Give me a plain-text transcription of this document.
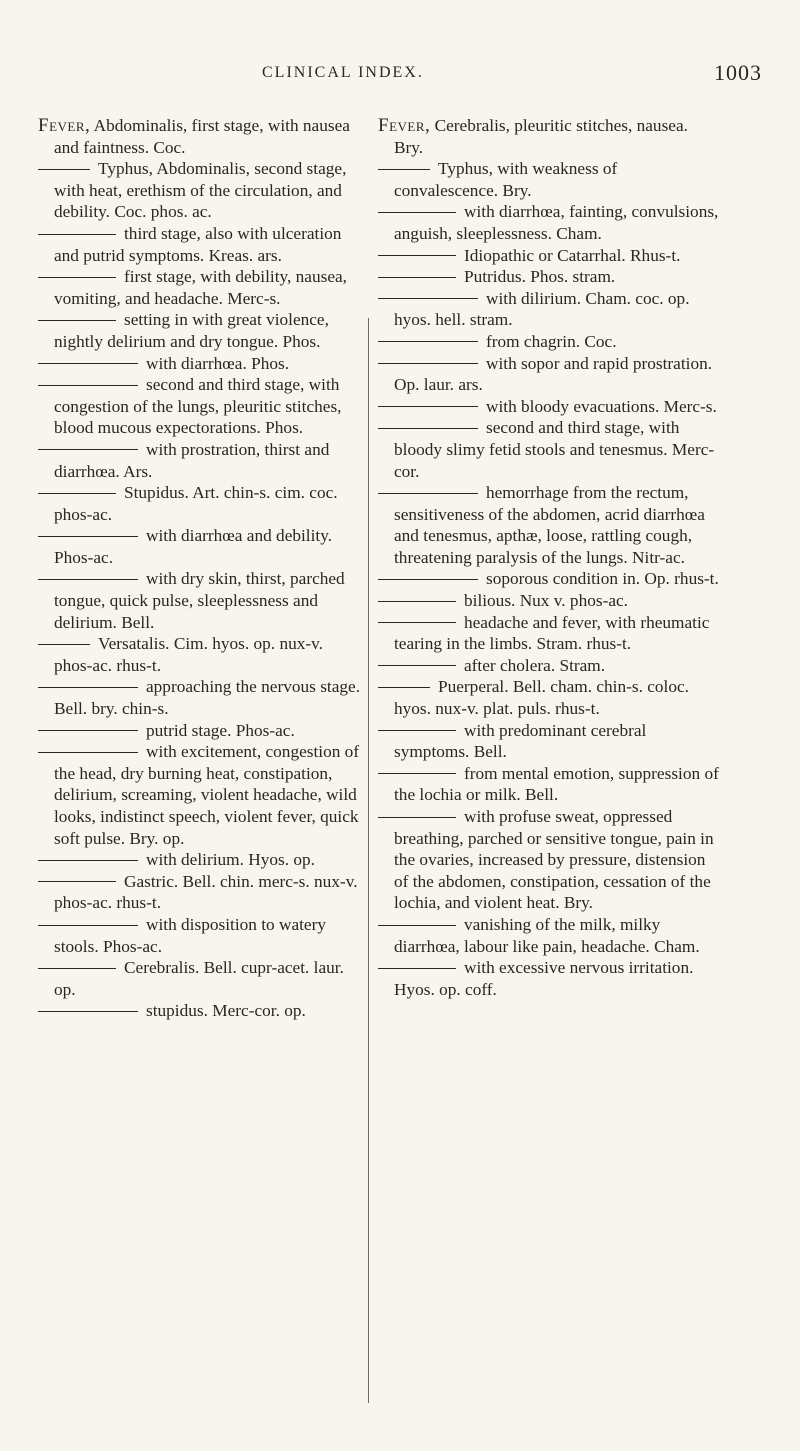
CLINICAL INDEX.	1003

Fever, Abdominalis, first stage, with nausea and faintness. Coc.

Typhus, Abdominalis, second stage, with heat, erethism of the circulation, and debility. Coc. phos. ac.

third stage, also with ulceration and putrid symptoms. Kreas. ars.

first stage, with debility, nausea, vomiting, and headache. Merc-s.

setting in with great violence, nightly delirium and dry tongue. Phos.

with diarrhœa. Phos.

second and third stage, with congestion of the lungs, pleuritic stitches, blood mucous expectorations. Phos.

with prostration, thirst and diarrhœa. Ars.

Stupidus. Art. chin-s. cim. coc. phos-ac.

with diarrhœa and debility. Phos-ac.

with dry skin, thirst, parched tongue, quick pulse, sleeplessness and delirium. Bell.

Versatalis. Cim. hyos. op. nux-v. phos-ac. rhus-t.

approaching the nervous stage. Bell. bry. chin-s.

putrid stage. Phos-ac.

with excitement, congestion of the head, dry burning heat, constipation, delirium, screaming, violent headache, wild looks, indistinct speech, violent fever, quick soft pulse. Bry. op.

with delirium. Hyos. op.

Gastric. Bell. chin. merc-s. nux-v. phos-ac. rhus-t.

with disposition to watery stools. Phos-ac.

Cerebralis. Bell. cupr-acet. laur. op.

stupidus. Merc-cor. op.

Fever, Cerebralis, pleuritic stitches, nausea. Bry.

Typhus, with weakness of convalescence. Bry.

with diarrhœa, fainting, convulsions, anguish, sleeplessness. Cham.

Idiopathic or Catarrhal. Rhus-t.

Putridus. Phos. stram.

with dilirium. Cham. coc. op. hyos. hell. stram.

from chagrin. Coc.

with sopor and rapid prostration. Op. laur. ars.

with bloody evacuations. Merc-s.

second and third stage, with bloody slimy fetid stools and tenesmus. Merc-cor.

hemorrhage from the rectum, sensitiveness of the abdomen, acrid diarrhœa and tenesmus, apthæ, loose, rattling cough, threatening paralysis of the lungs. Nitr-ac.

soporous condition in. Op. rhus-t.

bilious. Nux v. phos-ac.

headache and fever, with rheumatic tearing in the limbs. Stram. rhus-t.

after cholera. Stram.

Puerperal. Bell. cham. chin-s. coloc. hyos. nux-v. plat. puls. rhus-t.

with predominant cerebral symptoms. Bell.

from mental emotion, suppression of the lochia or milk. Bell.

with profuse sweat, oppressed breathing, parched or sensitive tongue, pain in the ovaries, increased by pressure, distension of the abdomen, constipation, cessation of the lochia, and violent heat. Bry.

vanishing of the milk, milky diarrhœa, labour like pain, headache. Cham.

with excessive nervous irritation. Hyos. op. coff.
